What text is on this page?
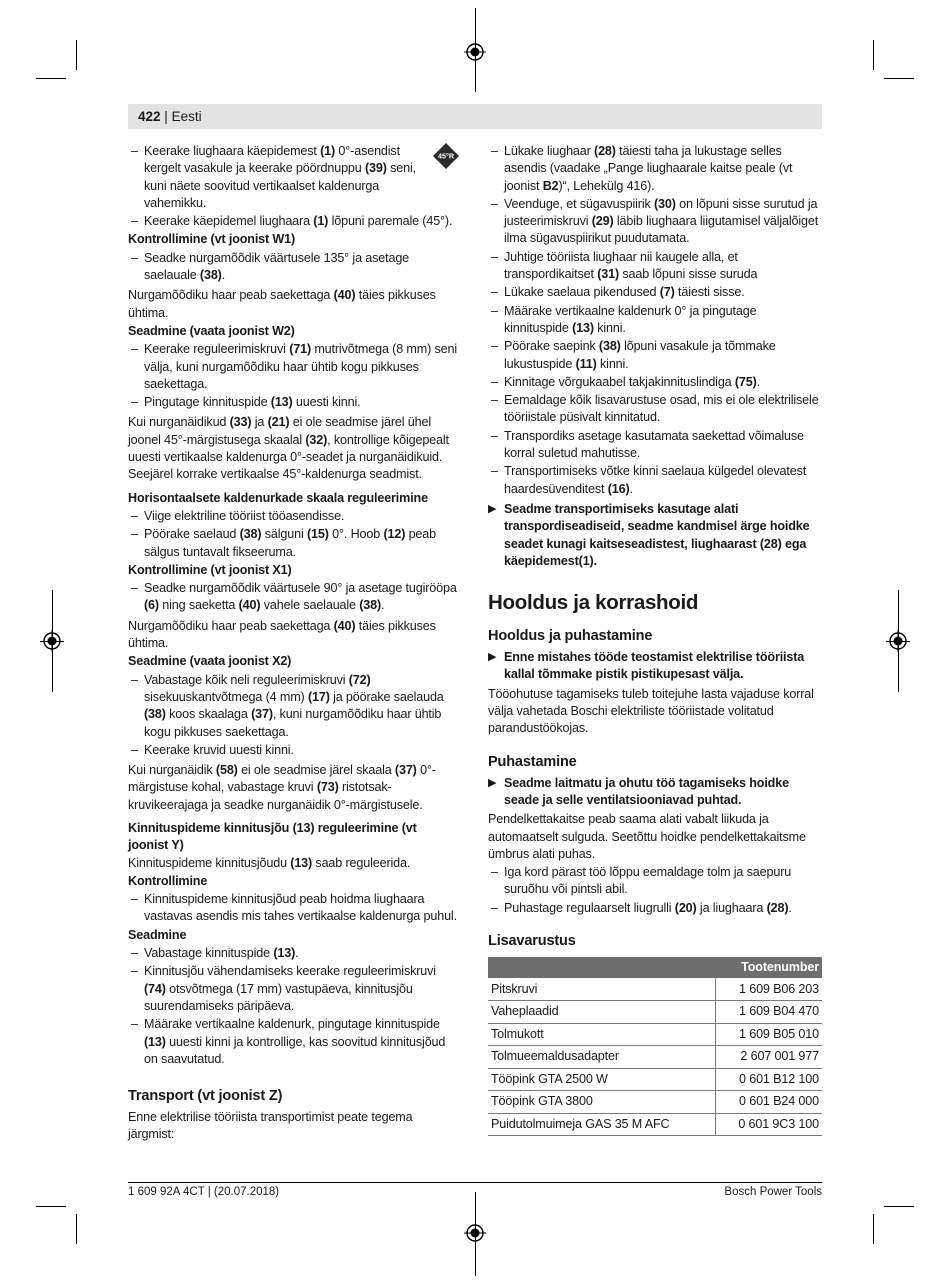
422 | Eesti
45°R
– Keerake liughaara käepidemest (1) 0°-asendist kergelt vasakule ja keerake pöördnuppu (39) seni, kuni näete soovitud vertikaalset kaldenurga vahemikku.
– Keerake käepidemel liughaara (1) lõpuni paremale (45°).
Kontrollimine (vt joonist W1)
– Seadke nurgamõõdik väärtusele 135° ja asetage saelauale (38).
Nurgamõõdiku haar peab saekettaga (40) täies pikkuses ühtima.
Seadmine (vaata joonist W2)
– Keerake reguleerimiskruvi (71) mutrivõtmega (8 mm) seni välja, kuni nurgamõõdiku haar ühtib kogu pikkuses saekettaga.
– Pingutage kinnituspide (13) uuesti kinni.
Kui nurganäidikud (33) ja (21) ei ole seadmise järel ühel joonel 45°-märgistusega skaalal (32), kontrollige kõigepealt uuesti vertikaalse kaldenurga 0°-seadet ja nurganäidikuid. Seejärel korrake vertikaalse 45°-kaldenurga seadmist.
Horisontaalsete kaldenurkade skaala reguleerimine
– Viige elektriline tööriist tööasendisse.
– Pöörake saelaud (38) sälguni (15) 0°. Hoob (12) peab sälgus tuntavalt fikseeruma.
Kontrollimine (vt joonist X1)
– Seadke nurgamõõdik väärtusele 90° ja asetage tugirööpa (6) ning saeketta (40) vahele saelauale (38).
Nurgamõõdiku haar peab saekettaga (40) täies pikkuses ühtima.
Seadmine (vaata joonist X2)
– Vabastage kõik neli reguleerimiskruvi (72) sisekuuskantvõtmega (4 mm) (17) ja pöörake saelauda (38) koos skaalaga (37), kuni nurgamõõdiku haar ühtib kogu pikkuses saekettaga.
– Keerake kruvid uuesti kinni.
Kui nurganäidik (58) ei ole seadmise järel skaala (37) 0°-märgistuse kohal, vabastage kruvi (73) ristotsak-kruvikeerajaga ja seadke nurganäidik 0°-märgistusele.
Kinnituspideme kinnitusjõu (13) reguleerimine (vt joonist Y)
Kinnituspideme kinnitusjõudu (13) saab reguleerida.
Kontrollimine
– Kinnituspideme kinnitusjõud peab hoidma liughaara vastavas asendis mis tahes vertikaalse kaldenurga puhul.
Seadmine
– Vabastage kinnituspide (13).
– Kinnitusjõu vähendamiseks keerake reguleerimiskruvi (74) otsvõtmega (17 mm) vastupäeva, kinnitusjõu suurendamiseks päripäeva.
– Määrake vertikaalne kaldenurk, pingutage kinnituspide (13) uuesti kinni ja kontrollige, kas soovitud kinnitusjõud on saavutatud.
Transport (vt joonist Z)
Enne elektrilise tööriista transportimist peate tegema järgmist:
– Lükake liughaar (28) täiesti taha ja lukustage selles asendis (vaadake „Pange liughaarale kaitse peale (vt joonist B2)“, Lehekülg 416).
– Veenduge, et sügavuspiirik (30) on lõpuni sisse surutud ja justeerimiskruvi (29) läbib liughaara liigutamisel väljalõiget ilma sügavuspiirikut puudutamata.
– Juhtige tööriista liughaar nii kaugele alla, et transpordikaitset (31) saab lõpuni sisse suruda
– Lükake saelaua pikendused (7) täiesti sisse.
– Määrake vertikaalne kaldenurk 0° ja pingutage kinnituspide (13) kinni.
– Pöörake saepink (38) lõpuni vasakule ja tõmmake lukustuspide (11) kinni.
– Kinnitage võrgukaabel takjakinnituslindiga (75).
– Eemaldage kõik lisavarustuse osad, mis ei ole elektrilisele tööriistale püsivalt kinnitatud.
– Transpordiks asetage kasutamata saekettad võimaluse korral suletud mahutisse.
– Transportimiseks võtke kinni saelaua külgedel olevatest haardesüvenditest (16).
▶ Seadme transportimiseks kasutage alati transpordiseadiseid, seadme kandmisel ärge hoidke seadet kunagi kaitseseadistest, liughaarast (28) ega käepidemest(1).
Hooldus ja korrashoid
Hooldus ja puhastamine
▶ Enne mistahes tööde teostamist elektrilise tööriista kallal tõmmake pistik pistikupesast välja.
Tööohutuse tagamiseks tuleb toitejuhe lasta vajaduse korral välja vahetada Boschi elektriliste tööriistade volitatud parandustöökojas.
Puhastamine
▶ Seadme laitmatu ja ohutu töö tagamiseks hoidke seade ja selle ventilatsiooniavad puhtad.
Pendelkettakaitse peab saama alati vabalt liikuda ja automaatselt sulguda. Seetõttu hoidke pendelkettakaitsme ümbrus alati puhas.
– Iga kord pärast töö lõppu eemaldage tolm ja saepuru suruõhu või pintsli abil.
– Puhastage regulaarselt liugrulli (20) ja liughaara (28).
Lisavarustus
	Tootenumber
Pitskruvi	1 609 B06 203
Vaheplaadid	1 609 B04 470
Tolmukott	1 609 B05 010
Tolmueemaldusadapter	2 607 001 977
Tööpink GTA 2500 W	0 601 B12 100
Tööpink GTA 3800	0 601 B24 000
Puidutolmuimeja GAS 35 M AFC	0 601 9C3 100
1 609 92A 4CT | (20.07.2018)	Bosch Power Tools
